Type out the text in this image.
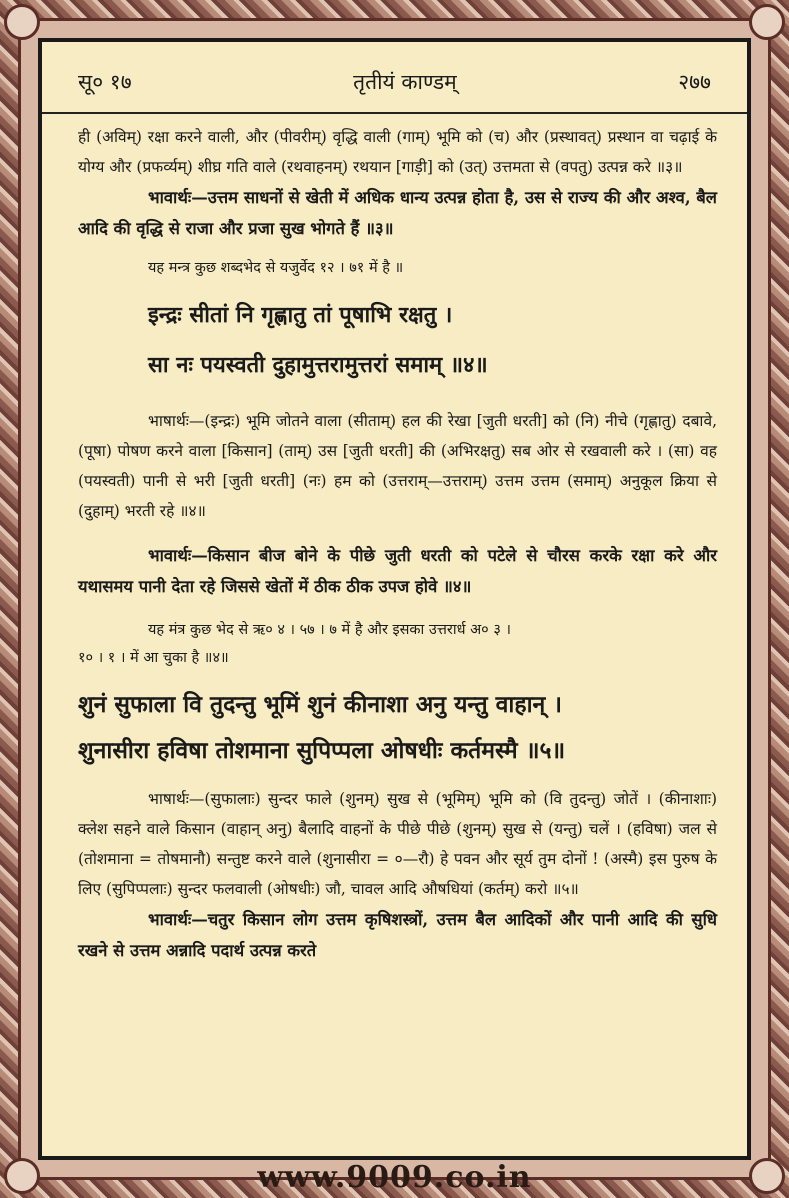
सू० १७	तृतीयं काण्डम्	२७७

ही (अविम्) रक्षा करने वाली, और (पीवरीम्) वृद्धि वाली (गाम्) भूमि को (च) और (प्रस्थावत्) प्रस्थान वा चढ़ाई के योग्य और (प्रफर्व्यम्) शीघ्र गति वाले (रथवाहनम्) रथयान [गाड़ी] को (उत्) उत्तमता से (वपतु) उत्पन्न करे ॥३॥

भावार्थः—उत्तम साधनों से खेती में अधिक धान्य उत्पन्न होता है, उस से राज्य की और अश्व, बैल आदि की वृद्धि से राजा और प्रजा सुख भोगते हैं ॥३॥

यह मन्त्र कुछ शब्दभेद से यजुर्वेद १२ । ७१ में है ॥

इन्द्रः सीतां नि गृह्णातु तां पूषाभि रक्षतु ।
सा नः पयस्वती दुहामुत्तरामुत्तरां समाम् ॥४॥

भाषार्थः—(इन्द्रः) भूमि जोतने वाला (सीताम्) हल की रेखा [जुती धरती] को (नि) नीचे (गृह्णातु) दबावे, (पूषा) पोषण करने वाला [किसान] (ताम्) उस [जुती धरती] की (अभिरक्षतु) सब ओर से रखवाली करे । (सा) वह (पयस्वती) पानी से भरी [जुती धरती] (नः) हम को (उत्तराम्—उत्तराम्) उत्तम उत्तम (समाम्) अनुकूल क्रिया से (दुहाम्) भरती रहे ॥४॥

भावार्थः—किसान बीज बोने के पीछे जुती धरती को पटेले से चौरस करके रक्षा करे और यथासमय पानी देता रहे जिससे खेतों में ठीक ठीक उपज होवे ॥४॥

यह मंत्र कुछ भेद से ऋ० ४ । ५७ । ७ में है और इसका उत्तरार्ध अ० ३ ।
१० । १ । में आ चुका है ॥४॥
शुनं सुफाला वि तुदन्तु भूमिं शुनं कीनाशा अनु यन्तु वाहान् ।
शुनासीरा हविषा तोशमाना सुपिप्पला ओषधीः कर्तमस्मै ॥५॥

भाषार्थः—(सुफालाः) सुन्दर फाले (शुनम्) सुख से (भूमिम्) भूमि को (वि तुदन्तु) जोतें । (कीनाशाः) क्लेश सहने वाले किसान (वाहान् अनु) बैलादि वाहनों के पीछे पीछे (शुनम्) सुख से (यन्तु) चलें । (हविषा) जल से (तोशमाना = तोषमानौ) सन्तुष्ट करने वाले (शुनासीरा = ०—रौ) हे पवन और सूर्य तुम दोनों ! (अस्मै) इस पुरुष के लिए (सुपिप्पलाः) सुन्दर फलवाली (ओषधीः) जौ, चावल आदि औषधियां (कर्तम्) करो ॥५॥

भावार्थः—चतुर किसान लोग उत्तम कृषिशस्त्रों, उत्तम बैल आदिकों और पानी आदि की सुधि रखने से उत्तम अन्नादि पदार्थ उत्पन्न करते

www.9009.co.in
